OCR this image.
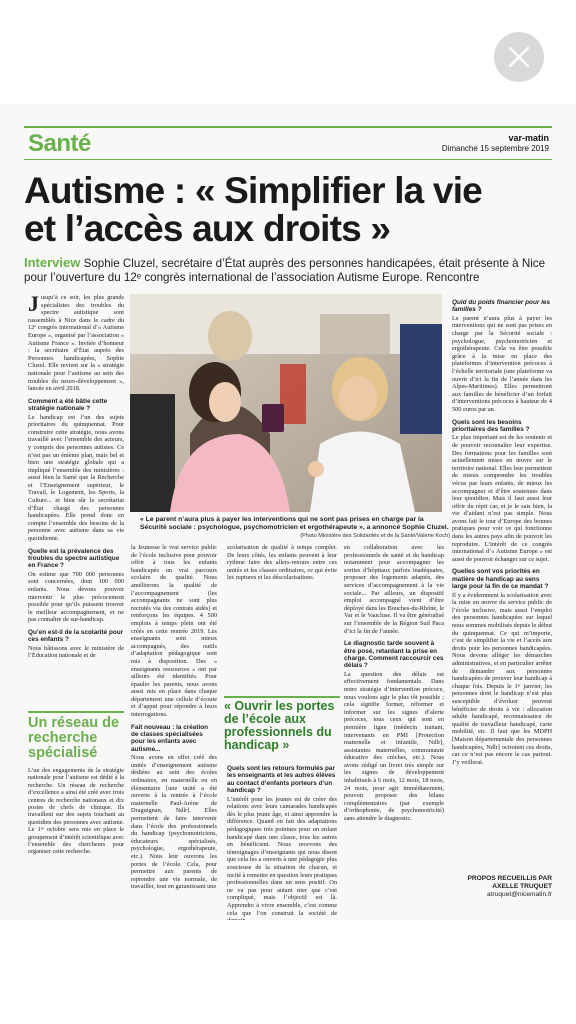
Santé	var-matin
Dimanche 15 septembre 2019
Autisme : « Simplifier la vie
et l’accès aux droits »
Interview Sophie Cluzel, secrétaire d’État auprès des personnes handicapées, était présente à Nice pour l’ouverture du 12ᵉ congrès international de l’association Autisme Europe. Rencontre

Jusqu’à ce soir, les plus grands spécialistes des troubles du spectre autistique sont rassemblés à Nice dans le cadre du 12ᵉ congrès international d’« Autisme Europe », organisé par l’association « Autisme France ». Invitée d’honneur : la secrétaire d’État auprès des Personnes handicapées, Sophie Cluzel. Elle revient sur la « stratégie nationale pour l’autisme au sein des troubles du neuro-développement », lancée en avril 2018.

Comment a été bâtie cette stratégie nationale ?

Le handicap est l’un des sujets prioritaires du quinquennat. Pour construire cette stratégie, nous avons travaillé avec l’ensemble des acteurs, y compris des personnes autistes. Ce n’est pas un énième plan, mais bel et bien une stratégie globale qui a impliqué l’ensemble des ministères : aussi bien la Santé que la Recherche et l’Enseignement supérieur, le Travail, le Logement, les Sports, la Culture... et bien sûr le secrétariat d’État chargé des personnes handicapées. Elle prend donc en compte l’ensemble des besoins de la personne avec autisme dans sa vie quotidienne.

Quelle est la prévalence des troubles du spectre autistique en France ?

On estime que 700 000 personnes sont concernées, dont 100 000 enfants. Nous devons pouvoir intervenir le plus précocement possible pour qu’ils puissent trouver le meilleur accompagnement, et ne pas connaître de sur-handicap.

Qu’en est-il de la scolarité pour ces enfants ?

Nous bâtissons avec le ministère de l’Éducation nationale et de

« Le parent n’aura plus à payer les interventions qui ne sont pas prises en charge par la Sécurité sociale : psychologue, psychomotricien et ergothérapeute », a annoncé Sophie Cluzel.
(Photo Ministère des Solidarités et de la Santé/Valerie Koch)

la Jeunesse le vrai service public de l’école inclusive pour pouvoir offrir à tous les enfants handicapés un vrai parcours scolaire de qualité. Nous améliorons la qualité de l’accompagnement (les accompagnants ne sont plus recrutés via des contrats aidés) et renforçons les équipes. 4 500 emplois à temps plein ont été créés en cette rentrée 2019. Les enseignants sont mieux accompagnés, des outils d’adaptation pédagogique sont mis à disposition. Des « enseignants ressources » ont par ailleurs été identifiés. Pour épauler les parents, nous avons aussi mis en place dans chaque département une cellule d’écoute et d’appui pour répondre à leurs interrogations.

Fait nouveau : la création de classes spécialisées pour les enfants avec autisme...

Nous avons en effet créé des unités d’enseignement autisme dédiées au sein des écoles ordinaires, en maternelle ou en élémentaire [une unité a été ouverte à la rentrée à l’école maternelle Paul-Arène de Draguignan, Ndlr]. Elles permettent de faire intervenir dans l’école des professionnels du handicap (psychomotriciens, éducateurs spécialisés, psychologue, ergothérapeute, etc.). Nous leur ouvrons les portes de l’école. Cela, pour permettre aux parents de reprendre une vie normale, de travailler, tout en garantissant une

scolarisation de qualité à temps complet. De leurs côtés, les enfants peuvent à leur rythme faire des allers-retours entre ces unités et les classes ordinaires, ce qui évite les ruptures et les déscolarisations.

« Ouvrir les portes de l’école aux professionnels du handicap »
Quels sont les retours formulés par les enseignants et les autres élèves au contact d’enfants porteurs d’un handicap ?

L’intérêt pour les jeunes est de créer des relations avec leurs camarades handicapés dès le plus jeune âge, et ainsi apprendre la différence. Quand on fait des adaptations pédagogiques très pointues pour un enfant handicapé dans une classe, tous les autres en bénéficient. Nous recevons des témoignages d’enseignants qui nous disent que cela les a ouverts à une pédagogie plus soucieuse de la situation de chacun, et incité à remettre en question leurs pratiques professionnelles dans un sens positif. On ne va pas pour autant nier que c’est compliqué, mais l’objectif est là. Apprendre à vivre ensemble, c’est comme cela que l’on construit la société de

en collaboration avec les professionnels de santé et du handicap notamment pour accompagner les sorties d’hôpitaux parfois inadéquates, proposer des logements adaptés, des services d’accompagnement à la vie sociale... Par ailleurs, un dispositif emploi accompagné vient d’être déployé dans les Bouches-du-Rhône, le Var et le Vaucluse. Il va être généralisé sur l’ensemble de la Région Sud Paca d’ici la fin de l’année.

Le diagnostic tarde souvent à être posé, retardant la prise en charge. Comment raccourcir ces délais ?

La question des délais est effectivement fondamentale. Dans notre stratégie d’intervention précoce, nous voulons agir le plus tôt possible ; cela signifie former, réformer et informer sur les signes d’alerte précoces, tous ceux qui sont en première ligne (médecin traitant, intervenants en PMI [Protection maternelle et infantile, Ndlr], assistantes maternelles, communauté éducative des crèches, etc.). Nous avons rédigé un livret très simple sur les signes de développement inhabituels à 6 mois, 12 mois, 18 mois, 24 mois, pour agir immédiatement, pouvoir proposer des bilans complémentaires (par exemple d’orthophonie, de psychomotricité) sans attendre le diagnostic.

Quid du poids financier pour les familles ?

Le parent n’aura plus à payer les interventions qui ne sont pas prises en charge par la Sécurité sociale : psychologue, psychomotricien et ergothérapeute. Cela va être possible grâce à la mise en place des plateformes d’intervention précoces à l’échelle territoriale (une plateforme va ouvrir d’ici la fin de l’année dans les Alpes-Maritimes). Elles permettront aux familles de bénéficier d’un forfait d’interventions précoces à hauteur de 4 500 euros par an.

Quels sont les besoins prioritaires des familles ?

Le plus important est de les soutenir et de pouvoir reconnaître leur expertise. Des formations pour les familles sont actuellement mises en œuvre sur le territoire national. Elles leur permettent de mieux comprendre les troubles vécus par leurs enfants, de mieux les accompagner et d’être soutenues dans leur quotidien. Mais il faut aussi leur offrir du répit car, et je le sais bien, la vie d’aidant n’est pas simple. Nous avons fait le tour d’Europe des bonnes pratiques pour voir ce qui fonctionne dans les autres pays afin de pouvoir les reproduire. L’intérêt de ce congrès international d’« Autisme Europe » est aussi de pouvoir échanger sur ce sujet.

Quelles sont vos priorités en matière de handicap au sens large pour la fin de ce mandat ?

Il y a évidemment la scolarisation avec la mise en œuvre du service public de l’école inclusive, mais aussi l’emploi des personnes handicapées sur lequel nous sommes mobilisés depuis le début du quinquennat. Ce qui m’importe, c’est de simplifier la vie et l’accès aux droits pour les personnes handicapées. Nous devons alléger les démarches administratives, et en particulier arrêter de demander aux personnes handicapées de prouver leur handicap à chaque fois. Depuis le 1ᵉʳ janvier, les personnes dont le handicap n’est plus susceptible d’évoluer peuvent bénéficier de droits à vie : allocation adulte handicapé, reconnaissance de qualité de travailleur handicapé, carte mobilité, etc. Il faut que les MDPH [Maison départementale des personnes handicapées, Ndlr] octroient ces droits, car ce n’est pas encore le cas partout. J’y veillerai.

PROPOS RECUEILLIS PAR
AXELLE TRUQUET
atruquet@nicematin.fr
Un réseau de recherche spécialisé
L’un des engagements de la stratégie nationale pour l’autisme est dédié à la recherche. Un réseau de recherche d’excellence a ainsi été créé avec trois centres de recherche nationaux et dix postes de chefs de clinique. Ils travaillent sur des sujets touchant au quotidien des personnes avec autisme. Le 1ᵉʳ octobre sera mis en place le groupement d’intérêt scientifique avec l’ensemble des chercheurs pour organiser cette recherche.
